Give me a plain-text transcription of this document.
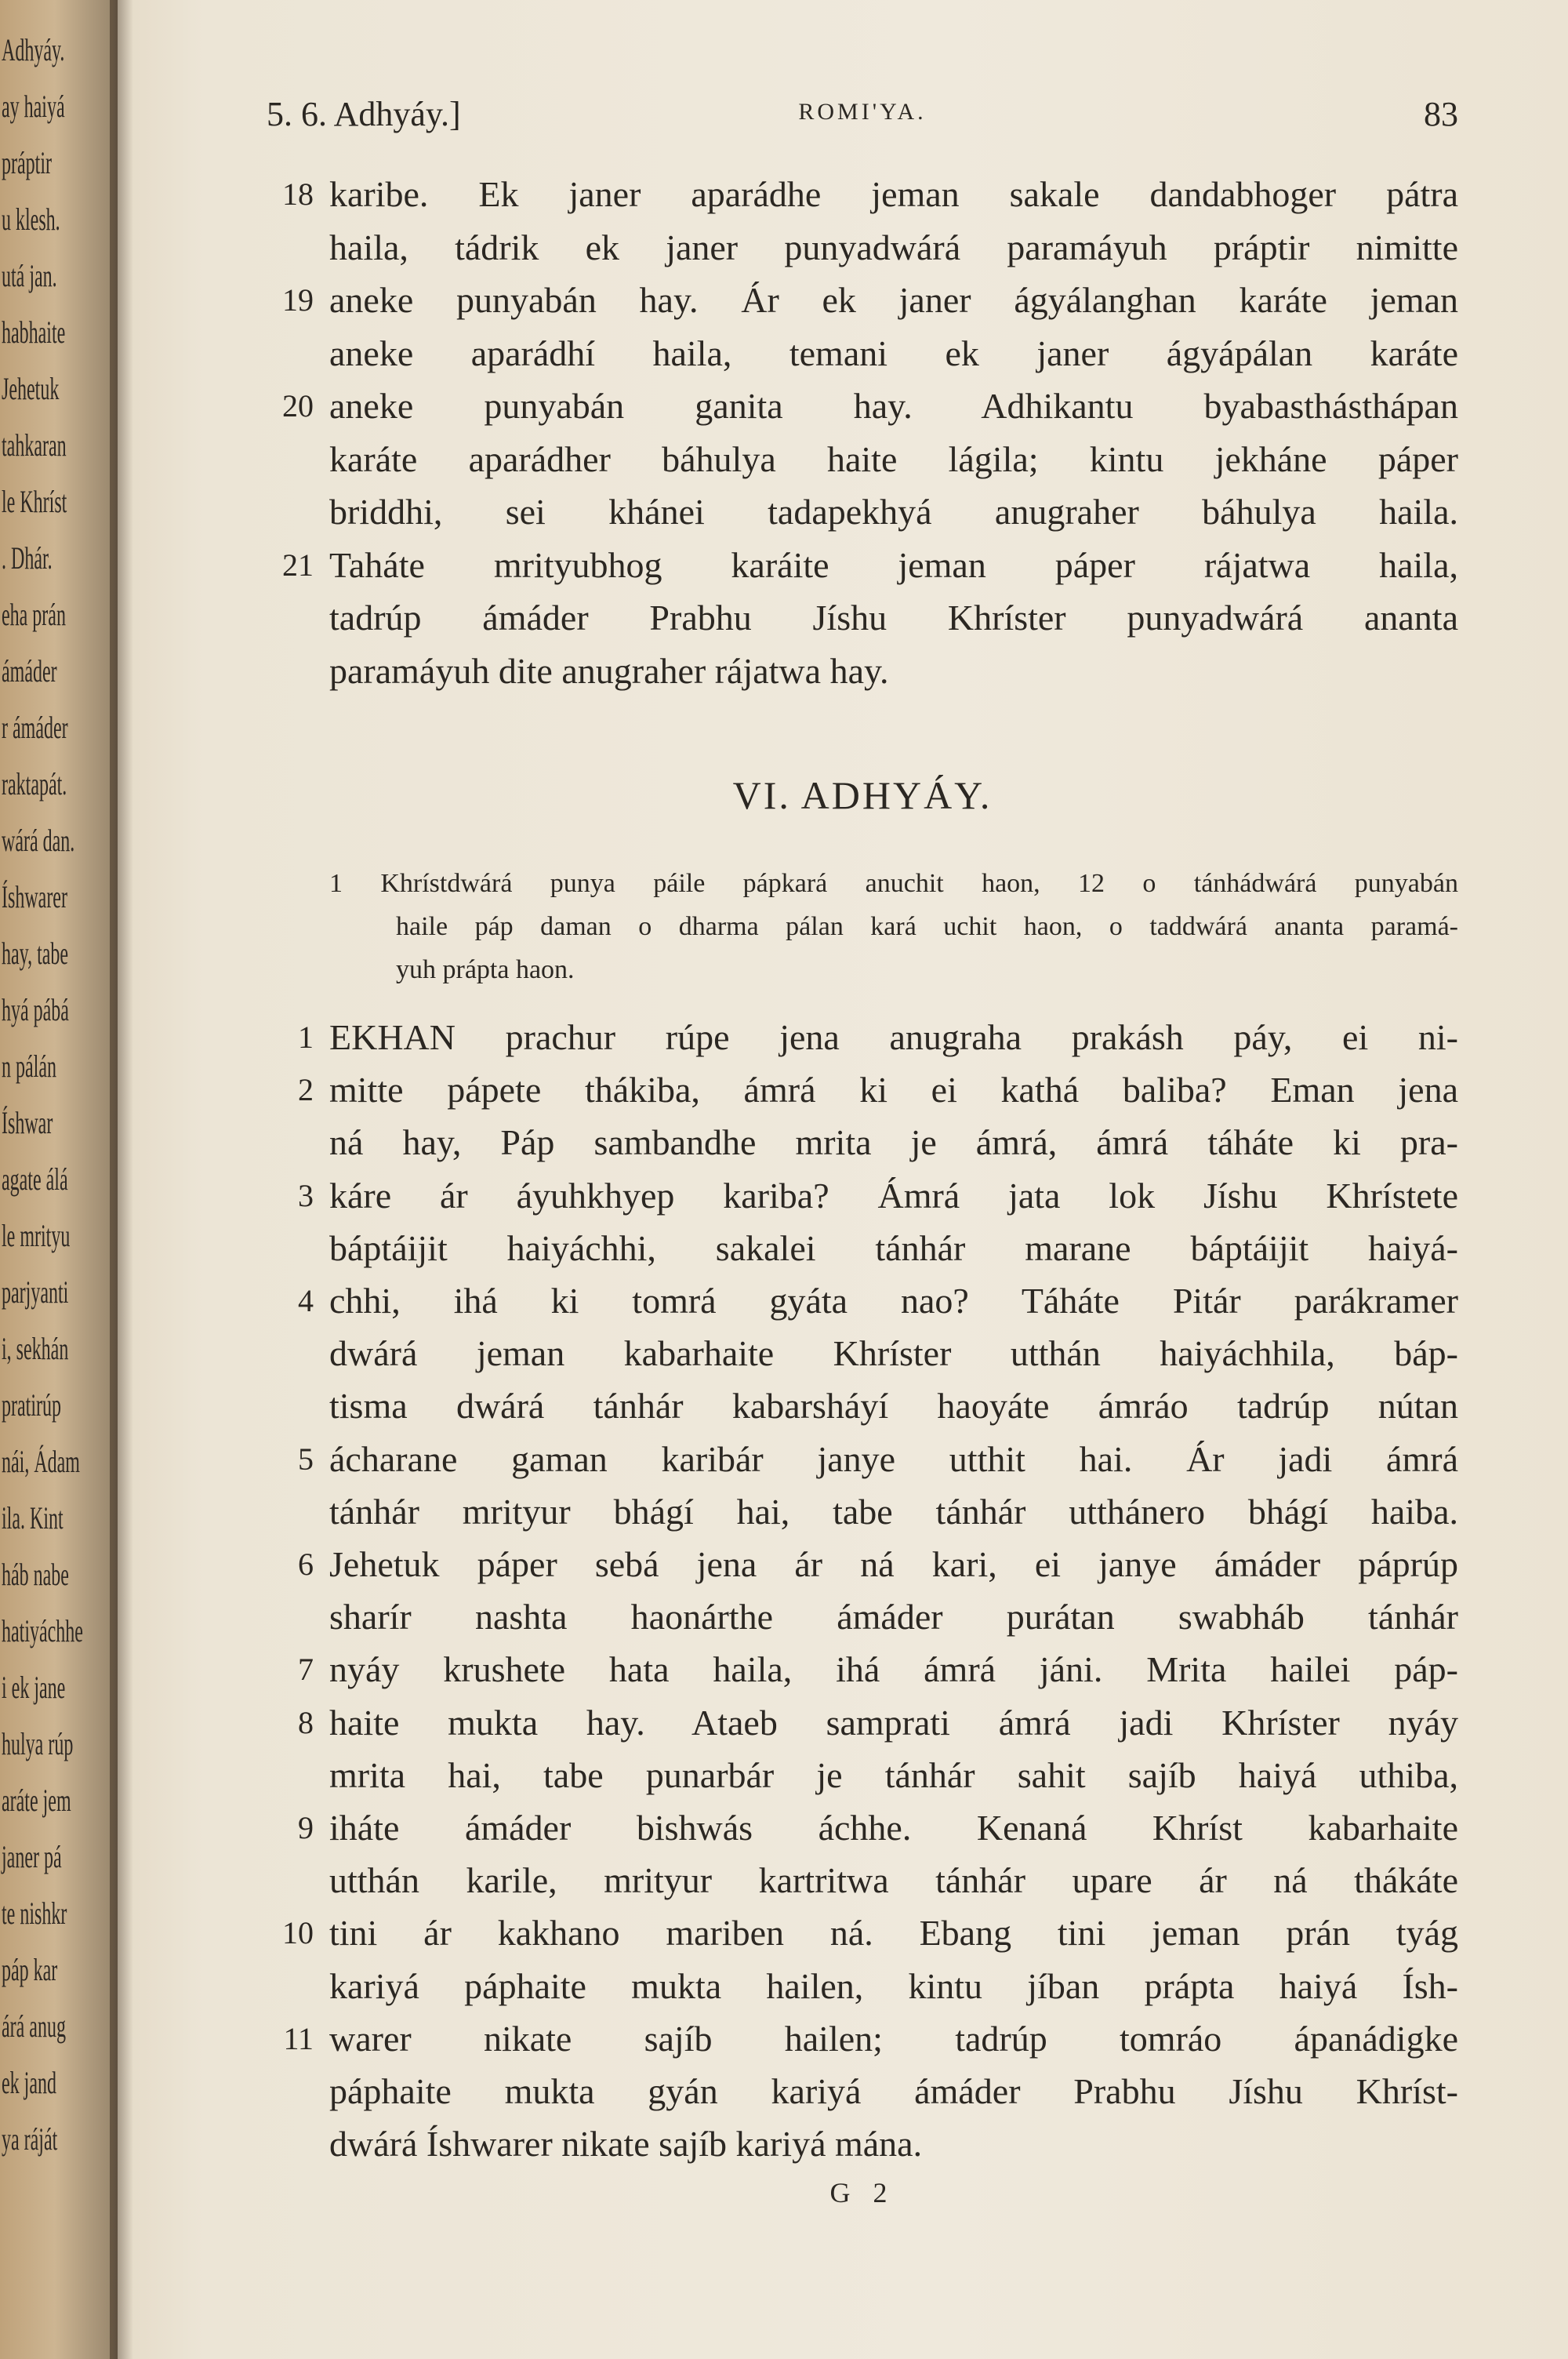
Adhyáy.
ay haiyá
práptir
u klesh.
utá jan.
habhaite
Jehetuk
tahkaran
le Khríst
. Dhár.
eha prán
ámáder
r ámáder
raktapát.
wárá dan.
Íshwarer
hay, tabe
hyá pábá
n pálán
Íshwar
agate álá
le mrityu
parjyanti
i, sekhán
pratirúp
nái, Ádam
ila. Kint
háb nabe
hatiyáchhe
i ek jane
hulya rúp
aráte jem
janer pá
te nishkr
páp kar
árá anug
ek jand
ya ráját
5. 6. Adhyáy.]	ROMI'YA.	83
18 karibe. Ek janer aparádhe jeman sakale dandabhoger pátra
haila, tádrik ek janer punyadwárá paramáyuh práptir nimitte
19 aneke punyabán hay. Ár ek janer ágyálanghan karáte jeman
aneke aparádhí haila, temani ek janer ágyápálan karáte
20 aneke punyabán ganita hay. Adhikantu byabasthásthápan
karáte aparádher báhulya haite lágila; kintu jekháne páper
briddhi, sei khánei tadapekhyá anugraher báhulya haila.
21 Taháte mrityubhog karáite jeman páper rájatwa haila,
tadrúp ámáder Prabhu Jíshu Khríster punyadwárá ananta
paramáyuh dite anugraher rájatwa hay.
VI. ADHYÁY.
1 Khrístdwárá punya páile pápkará anuchit haon, 12 o tánhádwárá punyabán
haile páp daman o dharma pálan kará uchit haon, o taddwárá ananta paramá-
yuh prápta haon.
1 EKHAN prachur rúpe jena anugraha prakásh páy, ei ni-
2 mitte pápete thákiba, ámrá ki ei kathá baliba? Eman jena
ná hay, Páp sambandhe mrita je ámrá, ámrá táháte ki pra-
3 káre ár áyuhkhyep kariba? Ámrá jata lok Jíshu Khrístete
báptáijit haiyáchhi, sakalei tánhár marane báptáijit haiyá-
4 chhi, ihá ki tomrá gyáta nao? Táháte Pitár parákramer
dwárá jeman kabarhaite Khríster utthán haiyáchhila, báp-
tisma dwárá tánhár kabarsháyí haoyáte ámráo tadrúp nútan
5 ácharane gaman karibár janye utthit hai. Ár jadi ámrá
tánhár mrityur bhágí hai, tabe tánhár utthánero bhágí haiba.
6 Jehetuk páper sebá jena ár ná kari, ei janye ámáder páprúp
sharír nashta haonárthe ámáder purátan swabháb tánhár
7 nyáy krushete hata haila, ihá ámrá jáni. Mrita hailei páp-
8 haite mukta hay. Ataeb samprati ámrá jadi Khríster nyáy
mrita hai, tabe punarbár je tánhár sahit sajíb haiyá uthiba,
9 iháte ámáder bishwás áchhe. Kenaná Khríst kabarhaite
utthán karile, mrityur kartritwa tánhár upare ár ná thákáte
10 tini ár kakhano mariben ná. Ebang tini jeman prán tyág
kariyá páphaite mukta hailen, kintu jíban prápta haiyá Ísh-
11 warer nikate sajíb hailen; tadrúp tomráo ápanádigke
páphaite mukta gyán kariyá ámáder Prabhu Jíshu Khríst-
dwárá Íshwarer nikate sajíb kariyá mána.
G 2
